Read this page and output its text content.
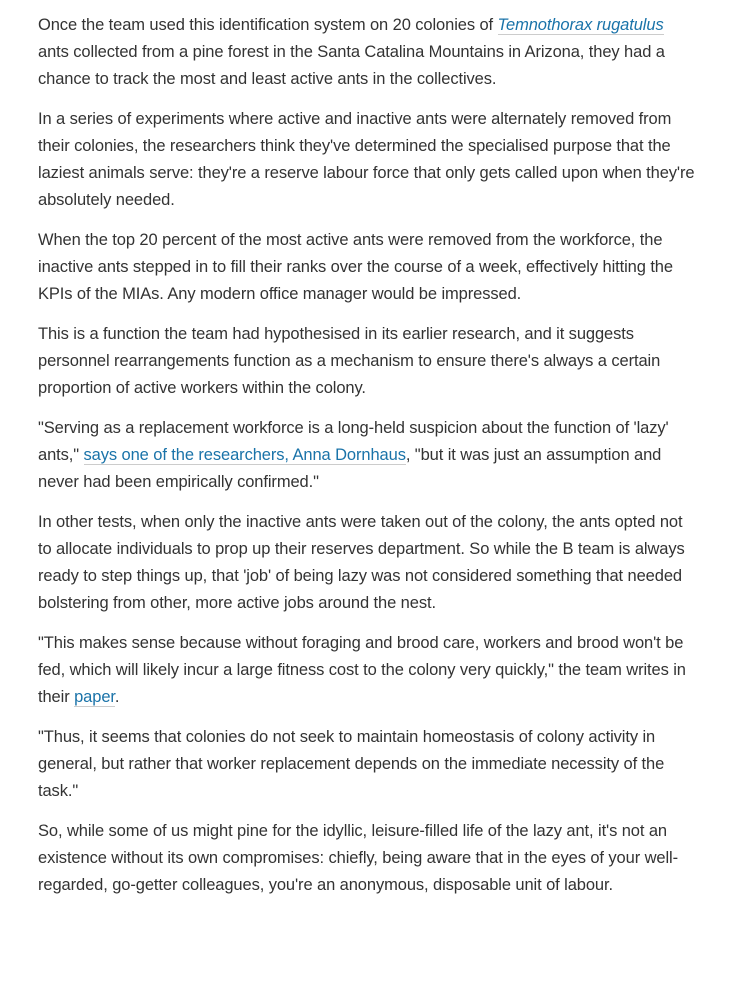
Once the team used this identification system on 20 colonies of Temnothorax rugatulus ants collected from a pine forest in the Santa Catalina Mountains in Arizona, they had a chance to track the most and least active ants in the collectives.

In a series of experiments where active and inactive ants were alternately removed from their colonies, the researchers think they've determined the specialised purpose that the laziest animals serve: they're a reserve labour force that only gets called upon when they're absolutely needed.

When the top 20 percent of the most active ants were removed from the workforce, the inactive ants stepped in to fill their ranks over the course of a week, effectively hitting the KPIs of the MIAs. Any modern office manager would be impressed.

This is a function the team had hypothesised in its earlier research, and it suggests personnel rearrangements function as a mechanism to ensure there's always a certain proportion of active workers within the colony.

"Serving as a replacement workforce is a long-held suspicion about the function of 'lazy' ants," says one of the researchers, Anna Dornhaus, "but it was just an assumption and never had been empirically confirmed."

In other tests, when only the inactive ants were taken out of the colony, the ants opted not to allocate individuals to prop up their reserves department. So while the B team is always ready to step things up, that 'job' of being lazy was not considered something that needed bolstering from other, more active jobs around the nest.

"This makes sense because without foraging and brood care, workers and brood won't be fed, which will likely incur a large fitness cost to the colony very quickly," the team writes in their paper.

"Thus, it seems that colonies do not seek to maintain homeostasis of colony activity in general, but rather that worker replacement depends on the immediate necessity of the task."

So, while some of us might pine for the idyllic, leisure-filled life of the lazy ant, it's not an existence without its own compromises: chiefly, being aware that in the eyes of your well-regarded, go-getter colleagues, you're an anonymous, disposable unit of labour.
